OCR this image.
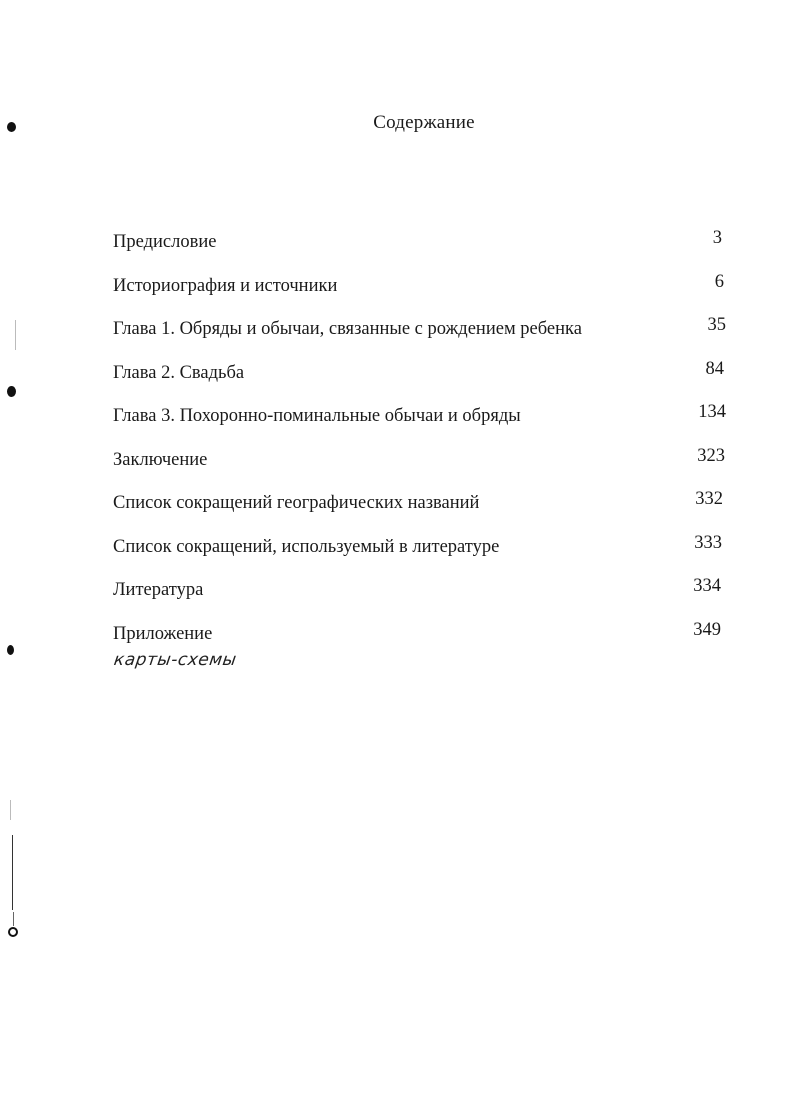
Содержание
Предисловие	3
Историография и источники	6
Глава 1. Обряды и обычаи, связанные с рождением ребенка	35
Глава 2. Свадьба	84
Глава 3. Похоронно-поминальные обычаи и обряды	134
Заключение	323
Список сокращений географических названий	332
Список сокращений, используемый в литературе	333
Литература	334
Приложение	349
карты-схемы
